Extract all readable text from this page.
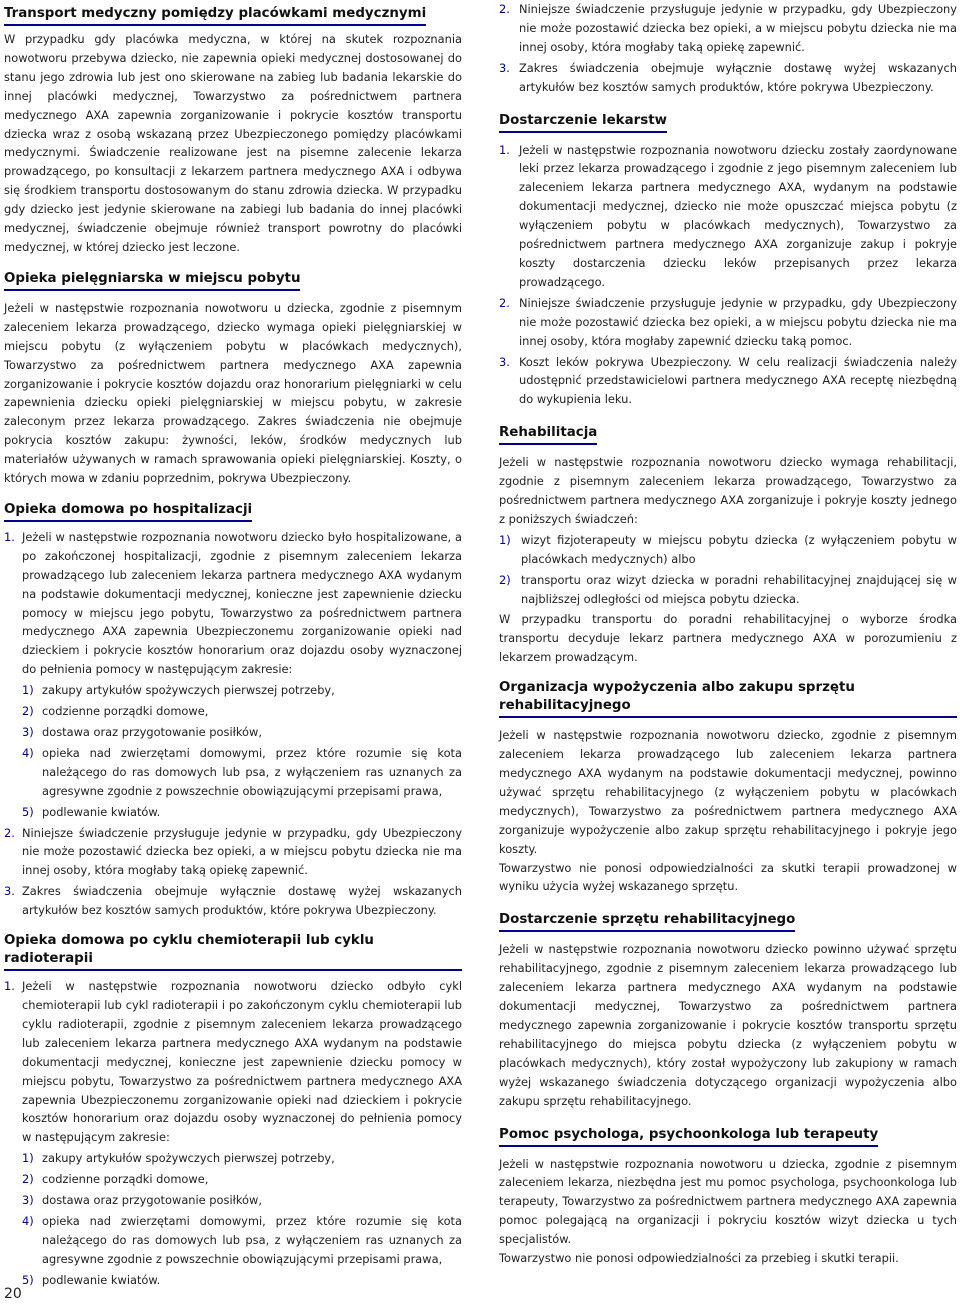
Transport medyczny pomiędzy placówkami medycznymi

W przypadku gdy placówka medyczna, w której na skutek rozpoznania nowotworu przebywa dziecko, nie zapewnia opieki medycznej dostosowanej do stanu jego zdrowia lub jest ono skierowane na zabieg lub badania lekarskie do innej placówki medycznej, Towarzystwo za pośrednictwem partnera medycznego AXA zapewnia zorganizowanie i pokrycie kosztów transportu dziecka wraz z osobą wskazaną przez Ubezpieczonego pomiędzy placówkami medycznymi. Świadczenie realizowane jest na pisemne zalecenie lekarza prowadzącego, po konsultacji z lekarzem partnera medycznego AXA i odbywa się środkiem transportu dostosowanym do stanu zdrowia dziecka. W przypadku gdy dziecko jest jedynie skierowane na zabiegi lub badania do innej placówki medycznej, świadczenie obejmuje również transport powrotny do placówki medycznej, w której dziecko jest leczone.

Opieka pielęgniarska w miejscu pobytu

Jeżeli w następstwie rozpoznania nowotworu u dziecka, zgodnie z pisemnym zaleceniem lekarza prowadzącego, dziecko wymaga opieki pielęgniarskiej w miejscu pobytu (z wyłączeniem pobytu w placówkach medycznych), Towarzystwo za pośrednictwem partnera medycznego AXA zapewnia zorganizowanie i pokrycie kosztów dojazdu oraz honorarium pielęgniarki w celu zapewnienia dziecku opieki pielęgniarskiej w miejscu pobytu, w zakresie zaleconym przez lekarza prowadzącego. Zakres świadczenia nie obejmuje pokrycia kosztów zakupu: żywności, leków, środków medycznych lub materiałów używanych w ramach sprawowania opieki pielęgniarskiej. Koszty, o których mowa w zdaniu poprzednim, pokrywa Ubezpieczony.

Opieka domowa po hospitalizacji
1. Jeżeli w następstwie rozpoznania nowotworu dziecko było hospitalizowane, a po zakończonej hospitalizacji, zgodnie z pisemnym zaleceniem lekarza prowadzącego lub zaleceniem lekarza partnera medycznego AXA wydanym na podstawie dokumentacji medycznej, konieczne jest zapewnienie dziecku pomocy w miejscu jego pobytu, Towarzystwo za pośrednictwem partnera medycznego AXA zapewnia Ubezpieczonemu zorganizowanie opieki nad dzieckiem i pokrycie kosztów honorarium oraz dojazdu osoby wyznaczonej do pełnienia pomocy w następującym zakresie:
1) zakupy artykułów spożywczych pierwszej potrzeby,
2) codzienne porządki domowe,
3) dostawa oraz przygotowanie posiłków,
4) opieka nad zwierzętami domowymi, przez które rozumie się kota należącego do ras domowych lub psa, z wyłączeniem ras uznanych za agresywne zgodnie z powszechnie obowiązującymi przepisami prawa,
5) podlewanie kwiatów.
2. Niniejsze świadczenie przysługuje jedynie w przypadku, gdy Ubezpieczony nie może pozostawić dziecka bez opieki, a w miejscu pobytu dziecka nie ma innej osoby, która mogłaby taką opiekę zapewnić.
3. Zakres świadczenia obejmuje wyłącznie dostawę wyżej wskazanych artykułów bez kosztów samych produktów, które pokrywa Ubezpieczony.
Opieka domowa po cyklu chemioterapii lub cyklu radioterapii
1. Jeżeli w następstwie rozpoznania nowotworu dziecko odbyło cykl chemioterapii lub cykl radioterapii i po zakończonym cyklu chemioterapii lub cyklu radioterapii, zgodnie z pisemnym zaleceniem lekarza prowadzącego lub zaleceniem lekarza partnera medycznego AXA wydanym na podstawie dokumentacji medycznej, konieczne jest zapewnienie dziecku pomocy w miejscu pobytu, Towarzystwo za pośrednictwem partnera medycznego AXA zapewnia Ubezpieczonemu zorganizowanie opieki nad dzieckiem i pokrycie kosztów honorarium oraz dojazdu osoby wyznaczonej do pełnienia pomocy w następującym zakresie:
1) zakupy artykułów spożywczych pierwszej potrzeby,
2) codzienne porządki domowe,
3) dostawa oraz przygotowanie posiłków,
4) opieka nad zwierzętami domowymi, przez które rozumie się kota należącego do ras domowych lub psa, z wyłączeniem ras uznanych za agresywne zgodnie z powszechnie obowiązującymi przepisami prawa,
5) podlewanie kwiatów.
2. Niniejsze świadczenie przysługuje jedynie w przypadku, gdy Ubezpieczony nie może pozostawić dziecka bez opieki, a w miejscu pobytu dziecka nie ma innej osoby, która mogłaby taką opiekę zapewnić.
3. Zakres świadczenia obejmuje wyłącznie dostawę wyżej wskazanych artykułów bez kosztów samych produktów, które pokrywa Ubezpieczony.
Dostarczenie lekarstw
1. Jeżeli w następstwie rozpoznania nowotworu dziecku zostały zaordynowane leki przez lekarza prowadzącego i zgodnie z jego pisemnym zaleceniem lub zaleceniem lekarza partnera medycznego AXA, wydanym na podstawie dokumentacji medycznej, dziecko nie może opuszczać miejsca pobytu (z wyłączeniem pobytu w placówkach medycznych), Towarzystwo za pośrednictwem partnera medycznego AXA zorganizuje zakup i pokryje koszty dostarczenia dziecku leków przepisanych przez lekarza prowadzącego.
2. Niniejsze świadczenie przysługuje jedynie w przypadku, gdy Ubezpieczony nie może pozostawić dziecka bez opieki, a w miejscu pobytu dziecka nie ma innej osoby, która mogłaby zapewnić dziecku taką pomoc.
3. Koszt leków pokrywa Ubezpieczony. W celu realizacji świadczenia należy udostępnić przedstawicielowi partnera medycznego AXA receptę niezbędną do wykupienia leku.
Rehabilitacja

Jeżeli w następstwie rozpoznania nowotworu dziecko wymaga rehabilitacji, zgodnie z pisemnym zaleceniem lekarza prowadzącego, Towarzystwo za pośrednictwem partnera medycznego AXA zorganizuje i pokryje koszty jednego z poniższych świadczeń:

1) wizyt fizjoterapeuty w miejscu pobytu dziecka (z wyłączeniem pobytu w placówkach medycznych) albo
2) transportu oraz wizyt dziecka w poradni rehabilitacyjnej znajdującej się w najbliższej odległości od miejsca pobytu dziecka.

W przypadku transportu do poradni rehabilitacyjnej o wyborze środka transportu decyduje lekarz partnera medycznego AXA w porozumieniu z lekarzem prowadzącym.

Organizacja wypożyczenia albo zakupu sprzętu rehabilitacyjnego

Jeżeli w następstwie rozpoznania nowotworu dziecko, zgodnie z pisemnym zaleceniem lekarza prowadzącego lub zaleceniem lekarza partnera medycznego AXA wydanym na podstawie dokumentacji medycznej, powinno używać sprzętu rehabilitacyjnego (z wyłączeniem pobytu w placówkach medycznych), Towarzystwo za pośrednictwem partnera medycznego AXA zorganizuje wypożyczenie albo zakup sprzętu rehabilitacyjnego i pokryje jego koszty.

Towarzystwo nie ponosi odpowiedzialności za skutki terapii prowadzonej w wyniku użycia wyżej wskazanego sprzętu.

Dostarczenie sprzętu rehabilitacyjnego

Jeżeli w następstwie rozpoznania nowotworu dziecko powinno używać sprzętu rehabilitacyjnego, zgodnie z pisemnym zaleceniem lekarza prowadzącego lub zaleceniem lekarza partnera medycznego AXA wydanym na podstawie dokumentacji medycznej, Towarzystwo za pośrednictwem partnera medycznego zapewnia zorganizowanie i pokrycie kosztów transportu sprzętu rehabilitacyjnego do miejsca pobytu dziecka (z wyłączeniem pobytu w placówkach medycznych), który został wypożyczony lub zakupiony w ramach wyżej wskazanego świadczenia dotyczącego organizacji wypożyczenia albo zakupu sprzętu rehabilitacyjnego.

Pomoc psychologa, psychoonkologa lub terapeuty

Jeżeli w następstwie rozpoznania nowotworu u dziecka, zgodnie z pisemnym zaleceniem lekarza, niezbędna jest mu pomoc psychologa, psychoonkologa lub terapeuty, Towarzystwo za pośrednictwem partnera medycznego AXA zapewnia pomoc polegającą na organizacji i pokryciu kosztów wizyt dziecka u tych specjalistów.

Towarzystwo nie ponosi odpowiedzialności za przebieg i skutki terapii.

20
